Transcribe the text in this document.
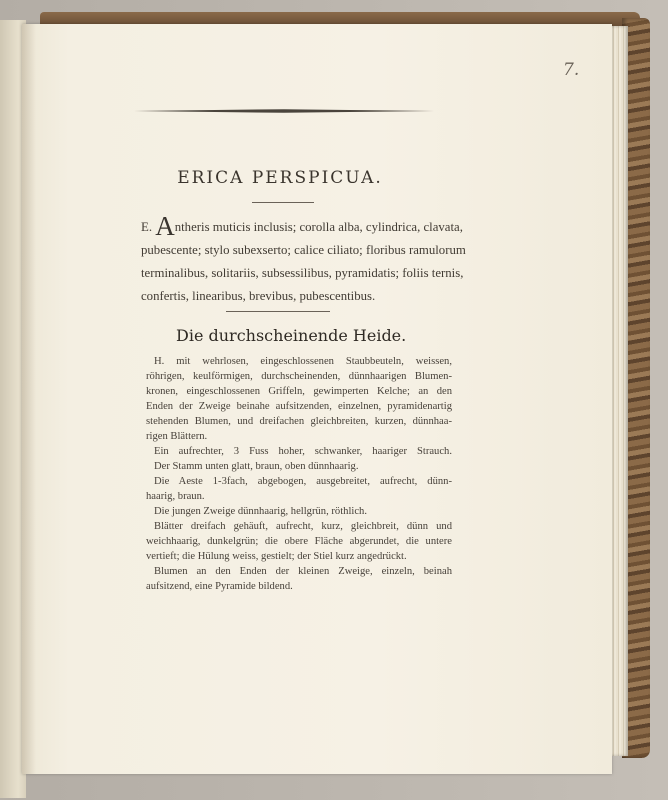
7.

ERICA PERSPICUA.

E. Antheris muticis inclusis; corolla alba, cylindrica, clavata,
pubescente; stylo subexserto; calice ciliato; floribus ramulorum
terminalibus, solitariis, subsessilibus, pyramidatis; foliis ternis,
confertis, linearibus, brevibus, pubescentibus.

Die durchscheinende Heide.

H. mit wehrlosen, eingeschlossenen Staubbeuteln, weissen,
röhrigen, keulförmigen, durchscheinenden, dünnhaarigen Blumen-
kronen, eingeschlossenen Griffeln, gewimperten Kelche; an den
Enden der Zweige beinahe aufsitzenden, einzelnen, pyramidenartig
stehenden Blumen, und dreifachen gleichbreiten, kurzen, dünnhaa-
rigen Blättern.
Ein aufrechter, 3 Fuss hoher, schwanker, haariger Strauch.
Der Stamm unten glatt, braun, oben dünnhaarig.
Die Aeste 1-3fach, abgebogen, ausgebreitet, aufrecht, dünn-
haarig, braun.
Die jungen Zweige dünnhaarig, hellgrün, röthlich.
Blätter dreifach gehäuft, aufrecht, kurz, gleichbreit, dünn und
weichhaarig, dunkelgrün; die obere Fläche abgerundet, die untere
vertieft; die Hülung weiss, gestielt; der Stiel kurz angedrückt.
Blumen an den Enden der kleinen Zweige, einzeln, beinah
aufsitzend, eine Pyramide bildend.
